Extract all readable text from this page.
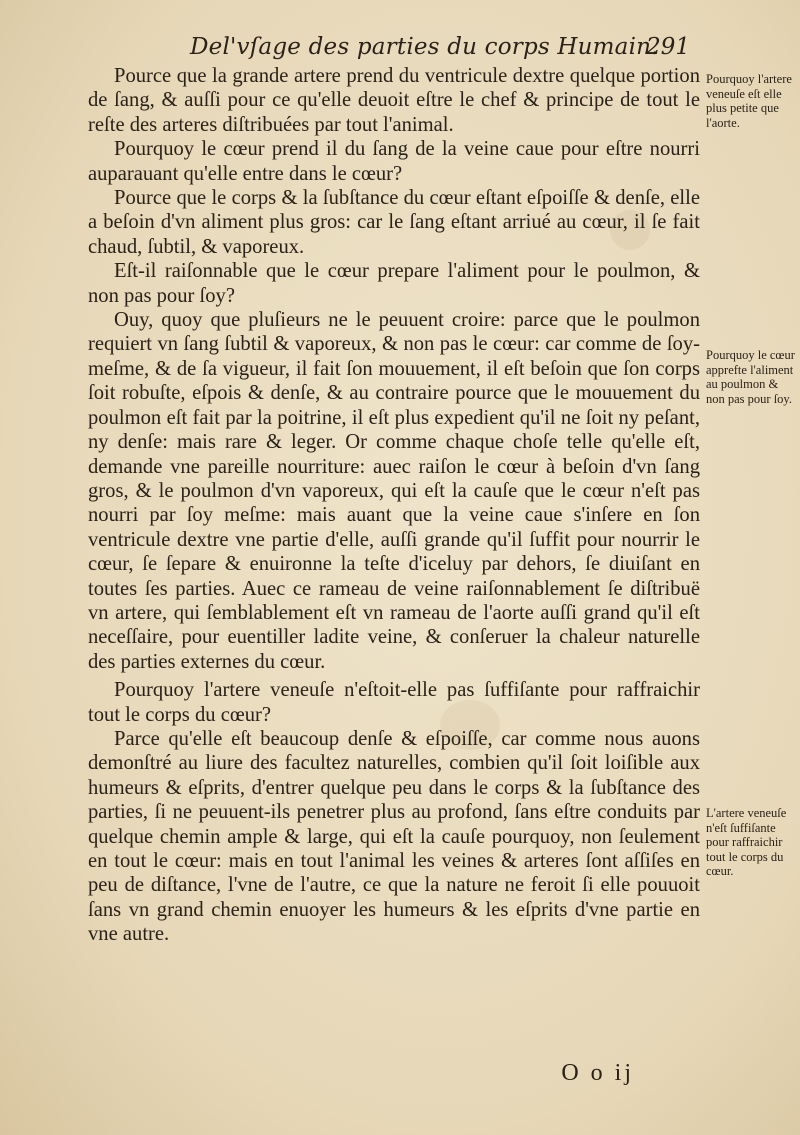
Del'vſage des parties du corps Humain.
291

Pource que la grande artere prend du ventricule dextre quelque portion de ſang, & auſſi pour ce qu'elle deuoit eſtre le chef & principe de tout le reſte des arteres diſtribuées par tout l'animal.

Pourquoy le cœur prend il du ſang de la veine caue pour eſtre nourri auparauant qu'elle entre dans le cœur?

Pource que le corps & la ſubſtance du cœur eſtant eſpoiſſe & denſe, elle a beſoin d'vn aliment plus gros: car le ſang eſtant arriué au cœur, il ſe fait chaud, ſubtil, & vaporeux.

Eſt-il raiſonnable que le cœur prepare l'aliment pour le poulmon, & non pas pour ſoy?

Ouy, quoy que pluſieurs ne le peuuent croire: parce que le poulmon requiert vn ſang ſubtil & vaporeux, & non pas le cœur: car comme de ſoy-meſme, & de ſa vigueur, il fait ſon mouuement, il eſt beſoin que ſon corps ſoit robuſte, eſpois & denſe, & au contraire pource que le mouuement du poulmon eſt fait par la poitrine, il eſt plus expedient qu'il ne ſoit ny peſant, ny denſe: mais rare & leger. Or comme chaque choſe telle qu'elle eſt, demande vne pareille nourriture: auec raiſon le cœur à beſoin d'vn ſang gros, & le poulmon d'vn vaporeux, qui eſt la cauſe que le cœur n'eſt pas nourri par ſoy meſme: mais auant que la veine caue s'inſere en ſon ventricule dextre vne partie d'elle, auſſi grande qu'il ſuffit pour nourrir le cœur, ſe ſepare & enuironne la teſte d'iceluy par dehors, ſe diuiſant en toutes ſes parties. Auec ce rameau de veine raiſonnablement ſe diſtribuë vn artere, qui ſemblablement eſt vn rameau de l'aorte auſſi grand qu'il eſt neceſſaire, pour euentiller ladite veine, & conſeruer la chaleur naturelle des parties externes du cœur.

Pourquoy l'artere veneuſe n'eſtoit-elle pas ſuffiſante pour raffraichir tout le corps du cœur?

Parce qu'elle eſt beaucoup denſe & eſpoiſſe, car comme nous auons demonſtré au liure des facultez naturelles, combien qu'il ſoit loiſible aux humeurs & eſprits, d'entrer quelque peu dans le corps & la ſubſtance des parties, ſi ne peuuent-ils penetrer plus au profond, ſans eſtre conduits par quelque chemin ample & large, qui eſt la cauſe pourquoy, non ſeulement en tout le cœur: mais en tout l'animal les veines & arteres ſont aſſiſes en peu de diſtance, l'vne de l'autre, ce que la nature ne feroit ſi elle pouuoit ſans vn grand chemin enuoyer les humeurs & les eſprits d'vne partie en vne autre.

Pourquoy l'artere veneuſe eſt elle plus petite que l'aorte.
Pourquoy le cœur apprefte l'aliment au poulmon & non pas pour ſoy.
L'artere veneuſe n'eſt ſuffiſante pour raffraichir tout le corps du cœur.
O o ij
